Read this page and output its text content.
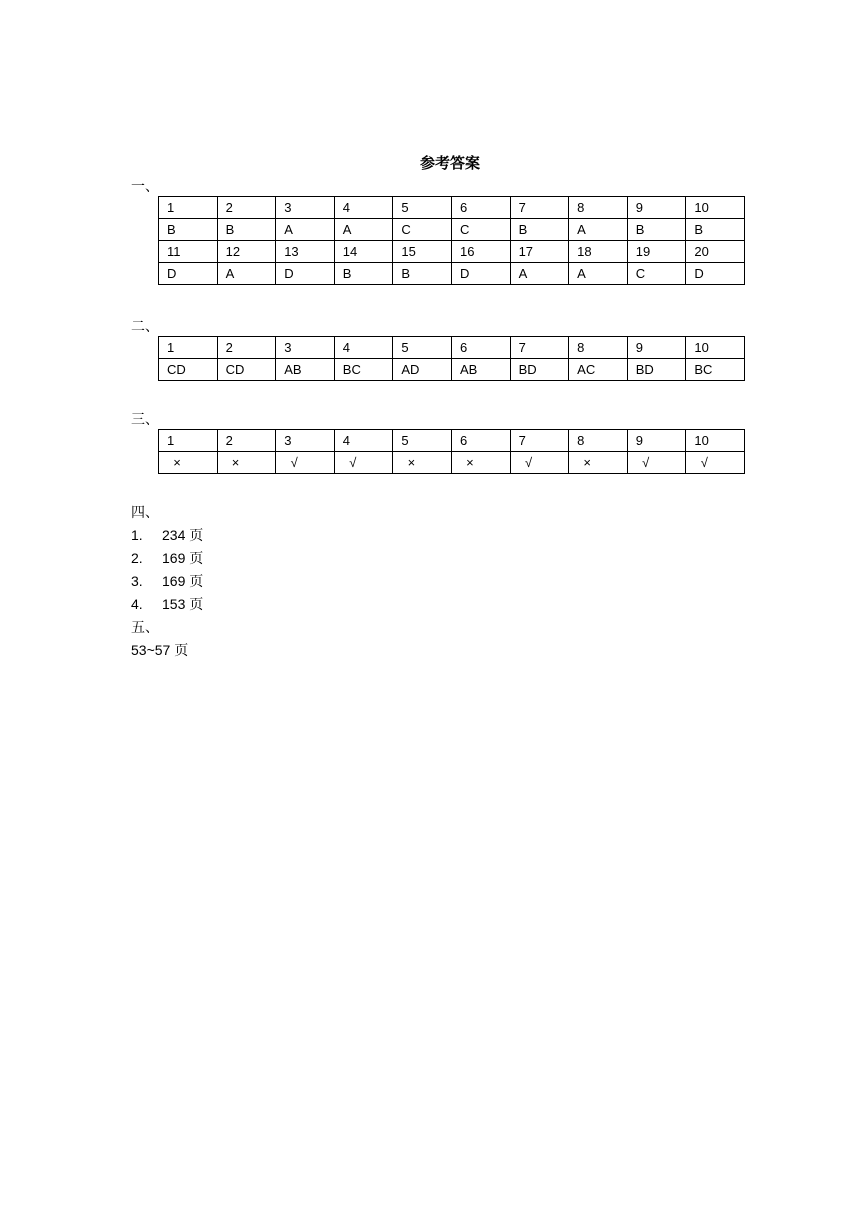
参考答案
一、
1	2	3	4	5	6	7	8	9	10
B	B	A	A	C	C	B	A	B	B
11	12	13	14	15	16	17	18	19	20
D	A	D	B	B	D	A	A	C	D
二、
1	2	3	4	5	6	7	8	9	10
CD	CD	AB	BC	AD	AB	BD	AC	BD	BC
三、
1	2	3	4	5	6	7	8	9	10
×	×	√	√	×	×	√	×	√	√
四、
1. 234 页
2. 169 页
3. 169 页
4. 153 页
五、
53~57 页
